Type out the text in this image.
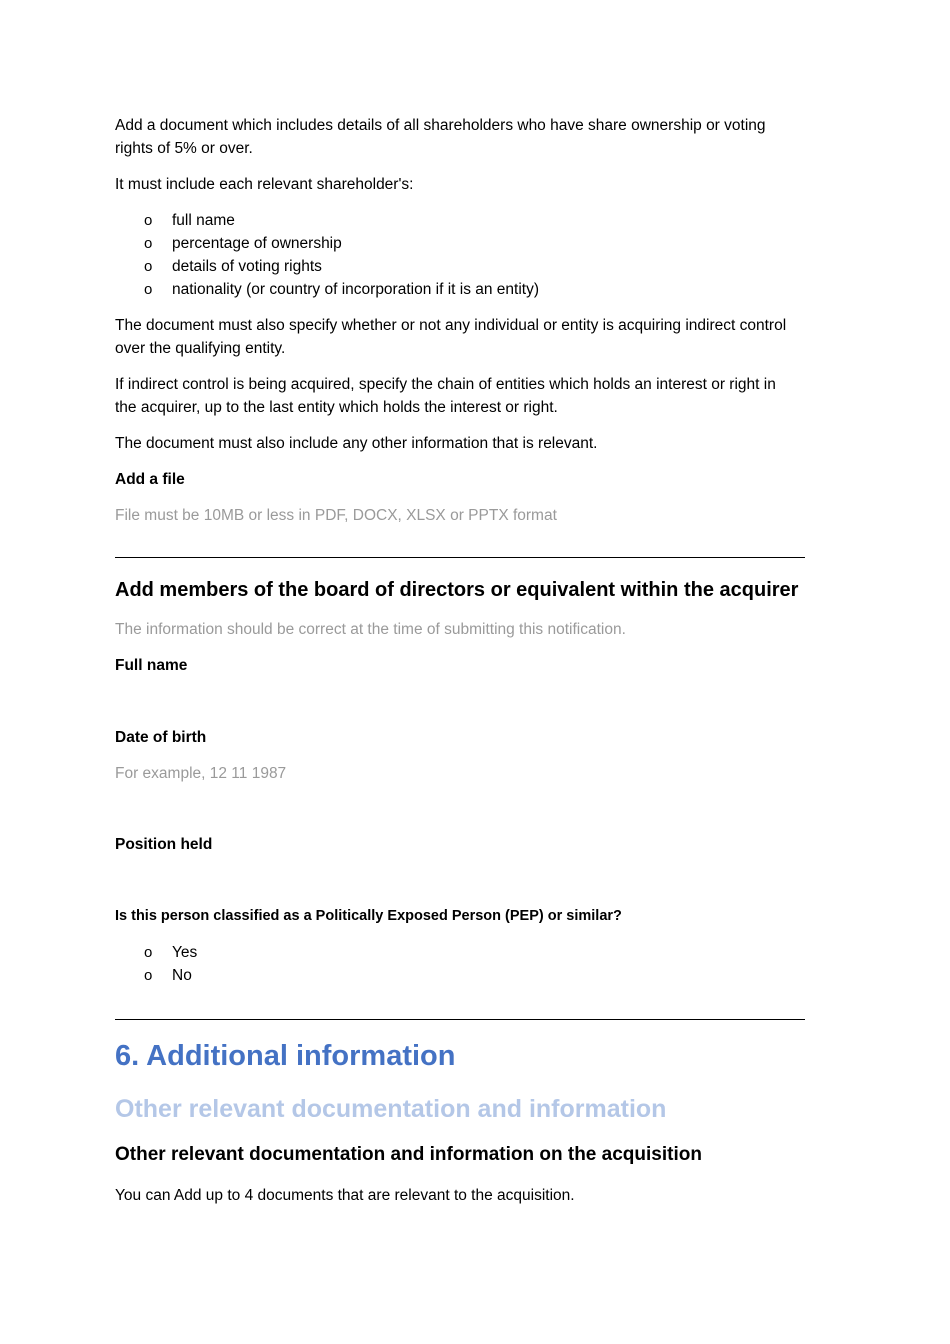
Add a document which includes details of all shareholders who have share ownership or voting

rights of 5% or over.

It must include each relevant shareholder's:

o full name
o percentage of ownership
o details of voting rights
o nationality (or country of incorporation if it is an entity)

The document must also specify whether or not any individual or entity is acquiring indirect control

over the qualifying entity.

If indirect control is being acquired, specify the chain of entities which holds an interest or right in

the acquirer, up to the last entity which holds the interest or right.

The document must also include any other information that is relevant.

Add a file

File must be 10MB or less in PDF, DOCX, XLSX or PPTX format

Add members of the board of directors or equivalent within the acquirer

The information should be correct at the time of submitting this notification.

Full name

Date of birth

For example, 12 11 1987

Position held

Is this person classified as a Politically Exposed Person (PEP) or similar?

o Yes
o No

6. Additional information

Other relevant documentation and information

Other relevant documentation and information on the acquisition

You can Add up to 4 documents that are relevant to the acquisition.
